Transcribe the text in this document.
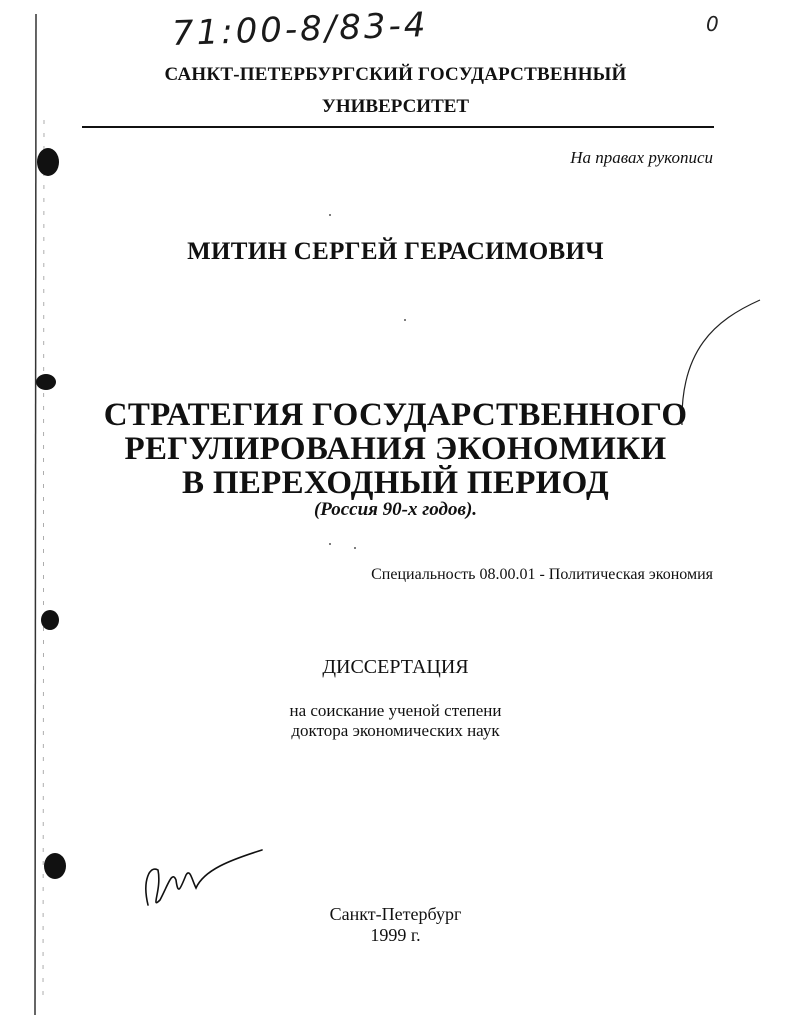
71:00-8/83-4	0
САНКТ-ПЕТЕРБУРГСКИЙ ГОСУДАРСТВЕННЫЙ
УНИВЕРСИТЕТ
На правах рукописи
МИТИН СЕРГЕЙ ГЕРАСИМОВИЧ
СТРАТЕГИЯ ГОСУДАРСТВЕННОГО
РЕГУЛИРОВАНИЯ ЭКОНОМИКИ
В ПЕРЕХОДНЫЙ ПЕРИОД
(Россия 90-х годов).
Специальность 08.00.01 - Политическая экономия
ДИССЕРТАЦИЯ
на соискание ученой степени
доктора экономических наук
Санкт-Петербург
1999 г.
